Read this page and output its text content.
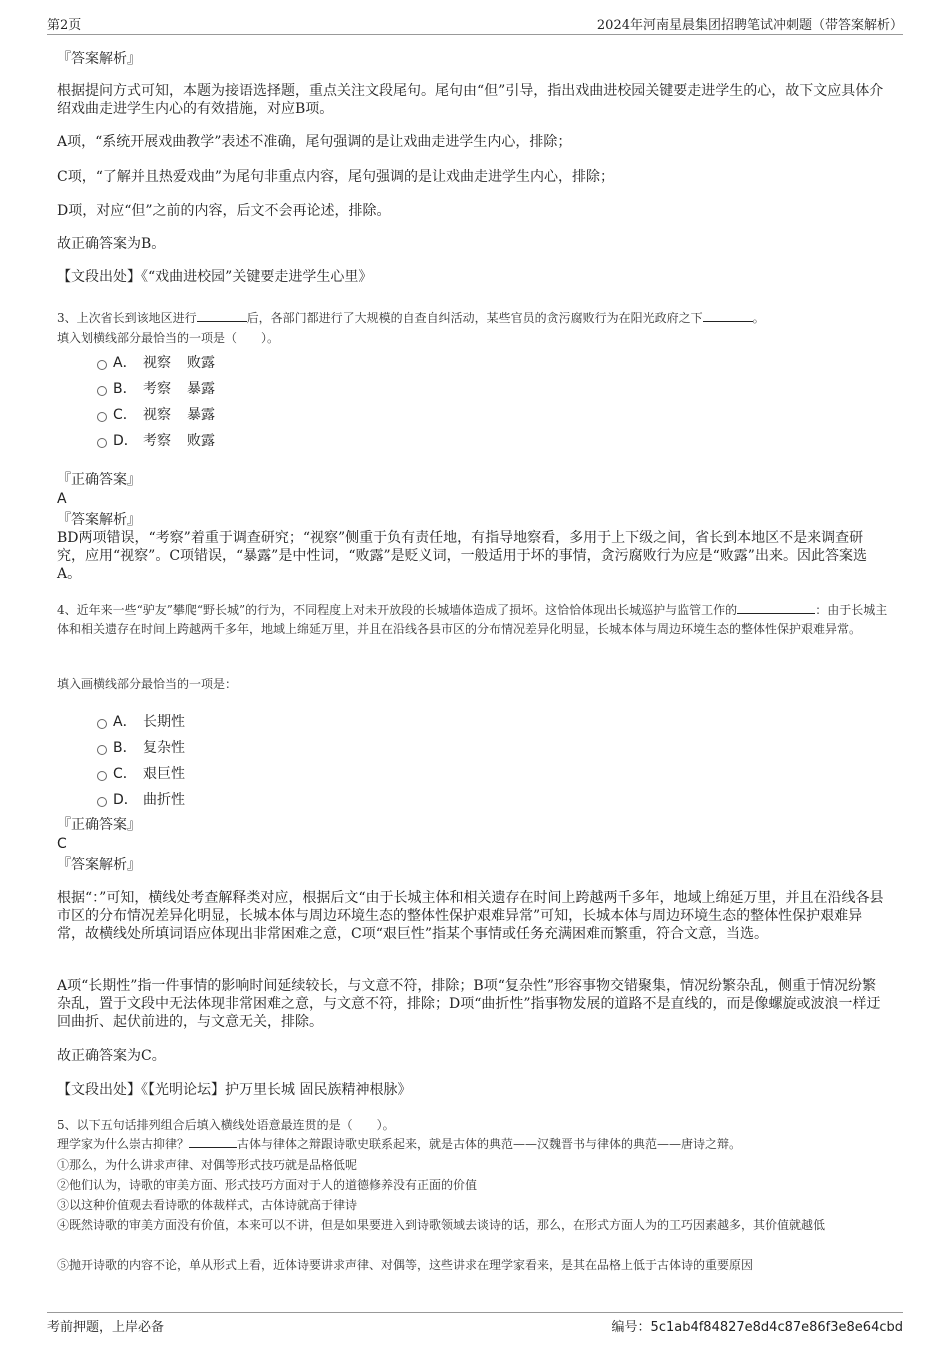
第2页	2024年河南星晨集团招聘笔试冲刺题（带答案解析）
『答案解析』
根据提问方式可知，本题为接语选择题，重点关注文段尾句。尾句由“但”引导，指出戏曲进校园关键要走进学生的心，故下文应具体介绍戏曲走进学生内心的有效措施，对应B项。
A项，“系统开展戏曲教学”表述不准确，尾句强调的是让戏曲走进学生内心，排除；
C项，“了解并且热爱戏曲”为尾句非重点内容，尾句强调的是让戏曲走进学生内心，排除；
D项，对应“但”之前的内容，后文不会再论述，排除。
故正确答案为B。
【文段出处】《“戏曲进校园”关键要走进学生心里》
3、上次省长到该地区进行	后，各部门都进行了大规模的自查自纠活动，某些官员的贪污腐败行为在阳光政府之下	。
填入划横线部分最恰当的一项是（　　）。
A． 视察 败露
B． 考察 暴露
C． 视察 暴露
D． 考察 败露
『正确答案』
A
『答案解析』
BD两项错误，“考察”着重于调查研究；“视察”侧重于负有责任地，有指导地察看，多用于上下级之间，省长到本地区不是来调查研究，应用“视察”。C项错误，“暴露”是中性词，“败露”是贬义词，一般适用于坏的事情，贪污腐败行为应是“败露”出来。因此答案选A。
4、近年来一些“驴友”攀爬“野长城”的行为，不同程度上对未开放段的长城墙体造成了损坏。这恰恰体现出长城巡护与监管工作的	：由于长城主体和相关遗存在时间上跨越两千多年，地域上绵延万里，并且在沿线各县市区的分布情况差异化明显，长城本体与周边环境生态的整体性保护艰难异常。
填入画横线部分最恰当的一项是：
A． 长期性
B． 复杂性
C． 艰巨性
D． 曲折性
『正确答案』
C
『答案解析』
根据“：”可知，横线处考查解释类对应，根据后文“由于长城主体和相关遗存在时间上跨越两千多年，地域上绵延万里，并且在沿线各县市区的分布情况差异化明显，长城本体与周边环境生态的整体性保护艰难异常”可知，长城本体与周边环境生态的整体性保护艰难异常，故横线处所填词语应体现出非常困难之意，C项“艰巨性”指某个事情或任务充满困难而繁重，符合文意，当选。
A项“长期性”指一件事情的影响时间延续较长，与文意不符，排除；B项“复杂性”形容事物交错聚集，情况纷繁杂乱，侧重于情况纷繁杂乱，置于文段中无法体现非常困难之意，与文意不符，排除；D项“曲折性”指事物发展的道路不是直线的，而是像螺旋或波浪一样迂回曲折、起伏前进的，与文意无关，排除。
故正确答案为C。
【文段出处】《【光明论坛】护万里长城 固民族精神根脉》
5、以下五句话排列组合后填入横线处语意最连贯的是（　　）。
理学家为什么崇古抑律？	古体与律体之辩跟诗歌史联系起来，就是古体的典范——汉魏晋书与律体的典范——唐诗之辩。
①那么，为什么讲求声律、对偶等形式技巧就是品格低呢
②他们认为，诗歌的审美方面、形式技巧方面对于人的道德修养没有正面的价值
③以这种价值观去看诗歌的体裁样式，古体诗就高于律诗
④既然诗歌的审美方面没有价值，本来可以不讲，但是如果要进入到诗歌领域去谈诗的话，那么，在形式方面人为的工巧因素越多，其价值就越低
⑤抛开诗歌的内容不论，单从形式上看，近体诗要讲求声律、对偶等，这些讲求在理学家看来，是其在品格上低于古体诗的重要原因
考前押题，上岸必备	编号：5c1ab4f84827e8d4c87e86f3e8e64cbd
